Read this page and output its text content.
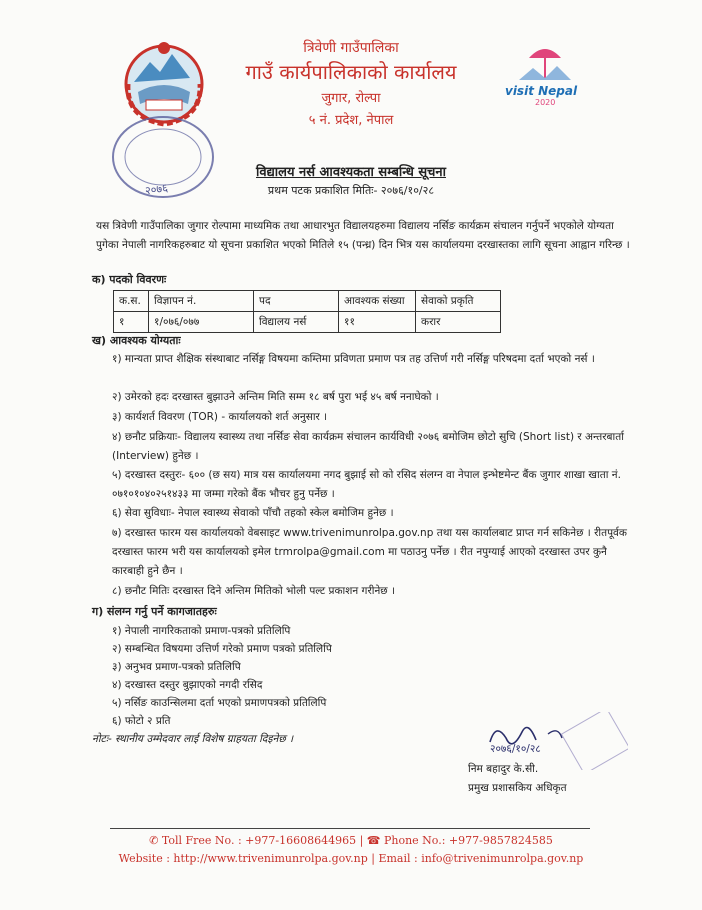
२०७६
त्रिवेणी गाउँपालिका
गाउँ कार्यपालिकाको कार्यालय
जुगार, रोल्पा
५ नं. प्रदेश, नेपाल
visit Nepal
2020
विद्यालय नर्स आवश्यकता सम्बन्धि सूचना
प्रथम पटक प्रकाशित मितिः- २०७६/१०/२८
यस त्रिवेणी गाउँपालिका जुगार रोल्पामा माध्यमिक तथा आधारभुत विद्यालयहरुमा विद्यालय नर्सिङ कार्यक्रम संचालन गर्नुपर्ने भएकोले योग्यता पुगेका नेपाली नागरिकहरुबाट यो सूचना प्रकाशित भएको मितिले १५ (पन्ध्र) दिन भित्र यस कार्यालयमा दरखास्तका लागि सूचना आह्वान गरिन्छ ।
क) पदको विवरणः
क.स.	विज्ञापन नं.	पद	आवश्यक संख्या	सेवाको प्रकृति
१	१/०७६/०७७	विद्यालय नर्स	११	करार
ख) आवश्यक योग्यताः
१) मान्यता प्राप्त शैक्षिक संस्थाबाट नर्सिङ्ग विषयमा कम्तिमा प्रविणता प्रमाण पत्र तह उत्तिर्ण गरी नर्सिङ्ग परिषदमा दर्ता भएको नर्स ।
२) उमेरको हदः दरखास्त बुझाउने अन्तिम मिति सम्म १८ बर्ष पुरा भई ४५ बर्ष ननाघेको ।
३) कार्यशर्त विवरण (TOR) - कार्यालयको शर्त अनुसार ।
४) छनौट प्रक्रियाः- विद्यालय स्वास्थ्य तथा नर्सिङ सेवा कार्यक्रम संचालन कार्यविधी २०७६ बमोजिम छोटो सुचि (Short list) र अन्तरबार्ता (Interview) हुनेछ ।
५) दरखास्त दस्तुरः- ६०० (छ सय) मात्र यस कार्यालयमा नगद बुझाई सो को रसिद संलग्न वा नेपाल इन्भेष्टमेन्ट बैंक जुगार शाखा खाता नं. ०७१०१०४०२५१४३३ मा जम्मा गरेको बैंक भौचर हुनु पर्नेछ ।
६) सेवा सुविधाः- नेपाल स्वास्थ्य सेवाको पाँचौ तहको स्केल बमोजिम हुनेछ ।
७) दरखास्त फारम यस कार्यालयको वेबसाइट www.trivenimunrolpa.gov.np तथा यस कार्यालबाट प्राप्त गर्न सकिनेछ । रीतपूर्वक दरखास्त फारम भरी यस कार्यालयको इमेल trmrolpa@gmail.com मा पठाउनु पर्नेछ । रीत नपुग्याई आएको दरखास्त उपर कुनै कारबाही हुने छैन ।
८) छनौट मितिः दरखास्त दिने अन्तिम मितिको भोली पल्ट प्रकाशन गरीनेछ ।
ग) संलग्न गर्नु पर्ने कागजातहरुः
१) नेपाली नागरिकताको प्रमाण-पत्रको प्रतिलिपि
२) सम्बन्धित विषयमा उत्तिर्ण गरेको प्रमाण पत्रको प्रतिलिपि
३) अनुभव प्रमाण-पत्रको प्रतिलिपि
४) दरखास्त दस्तुर बुझाएको नगदी रसिद
५) नर्सिङ काउन्सिलमा दर्ता भएको प्रमाणपत्रको प्रतिलिपि
६) फोटो २ प्रति
नोटः- स्थानीय उम्मेदवार लाई विशेष ग्राहयता दिइनेछ ।
२०७६/१०/२८
निम बहादुर के.सी.
प्रमुख प्रशासकिय अधिकृत
✆ Toll Free No. : +977-16608644965 | ☎ Phone No.: +977-9857824585
Website : http://www.trivenimunrolpa.gov.np | Email : info@trivenimunrolpa.gov.np
